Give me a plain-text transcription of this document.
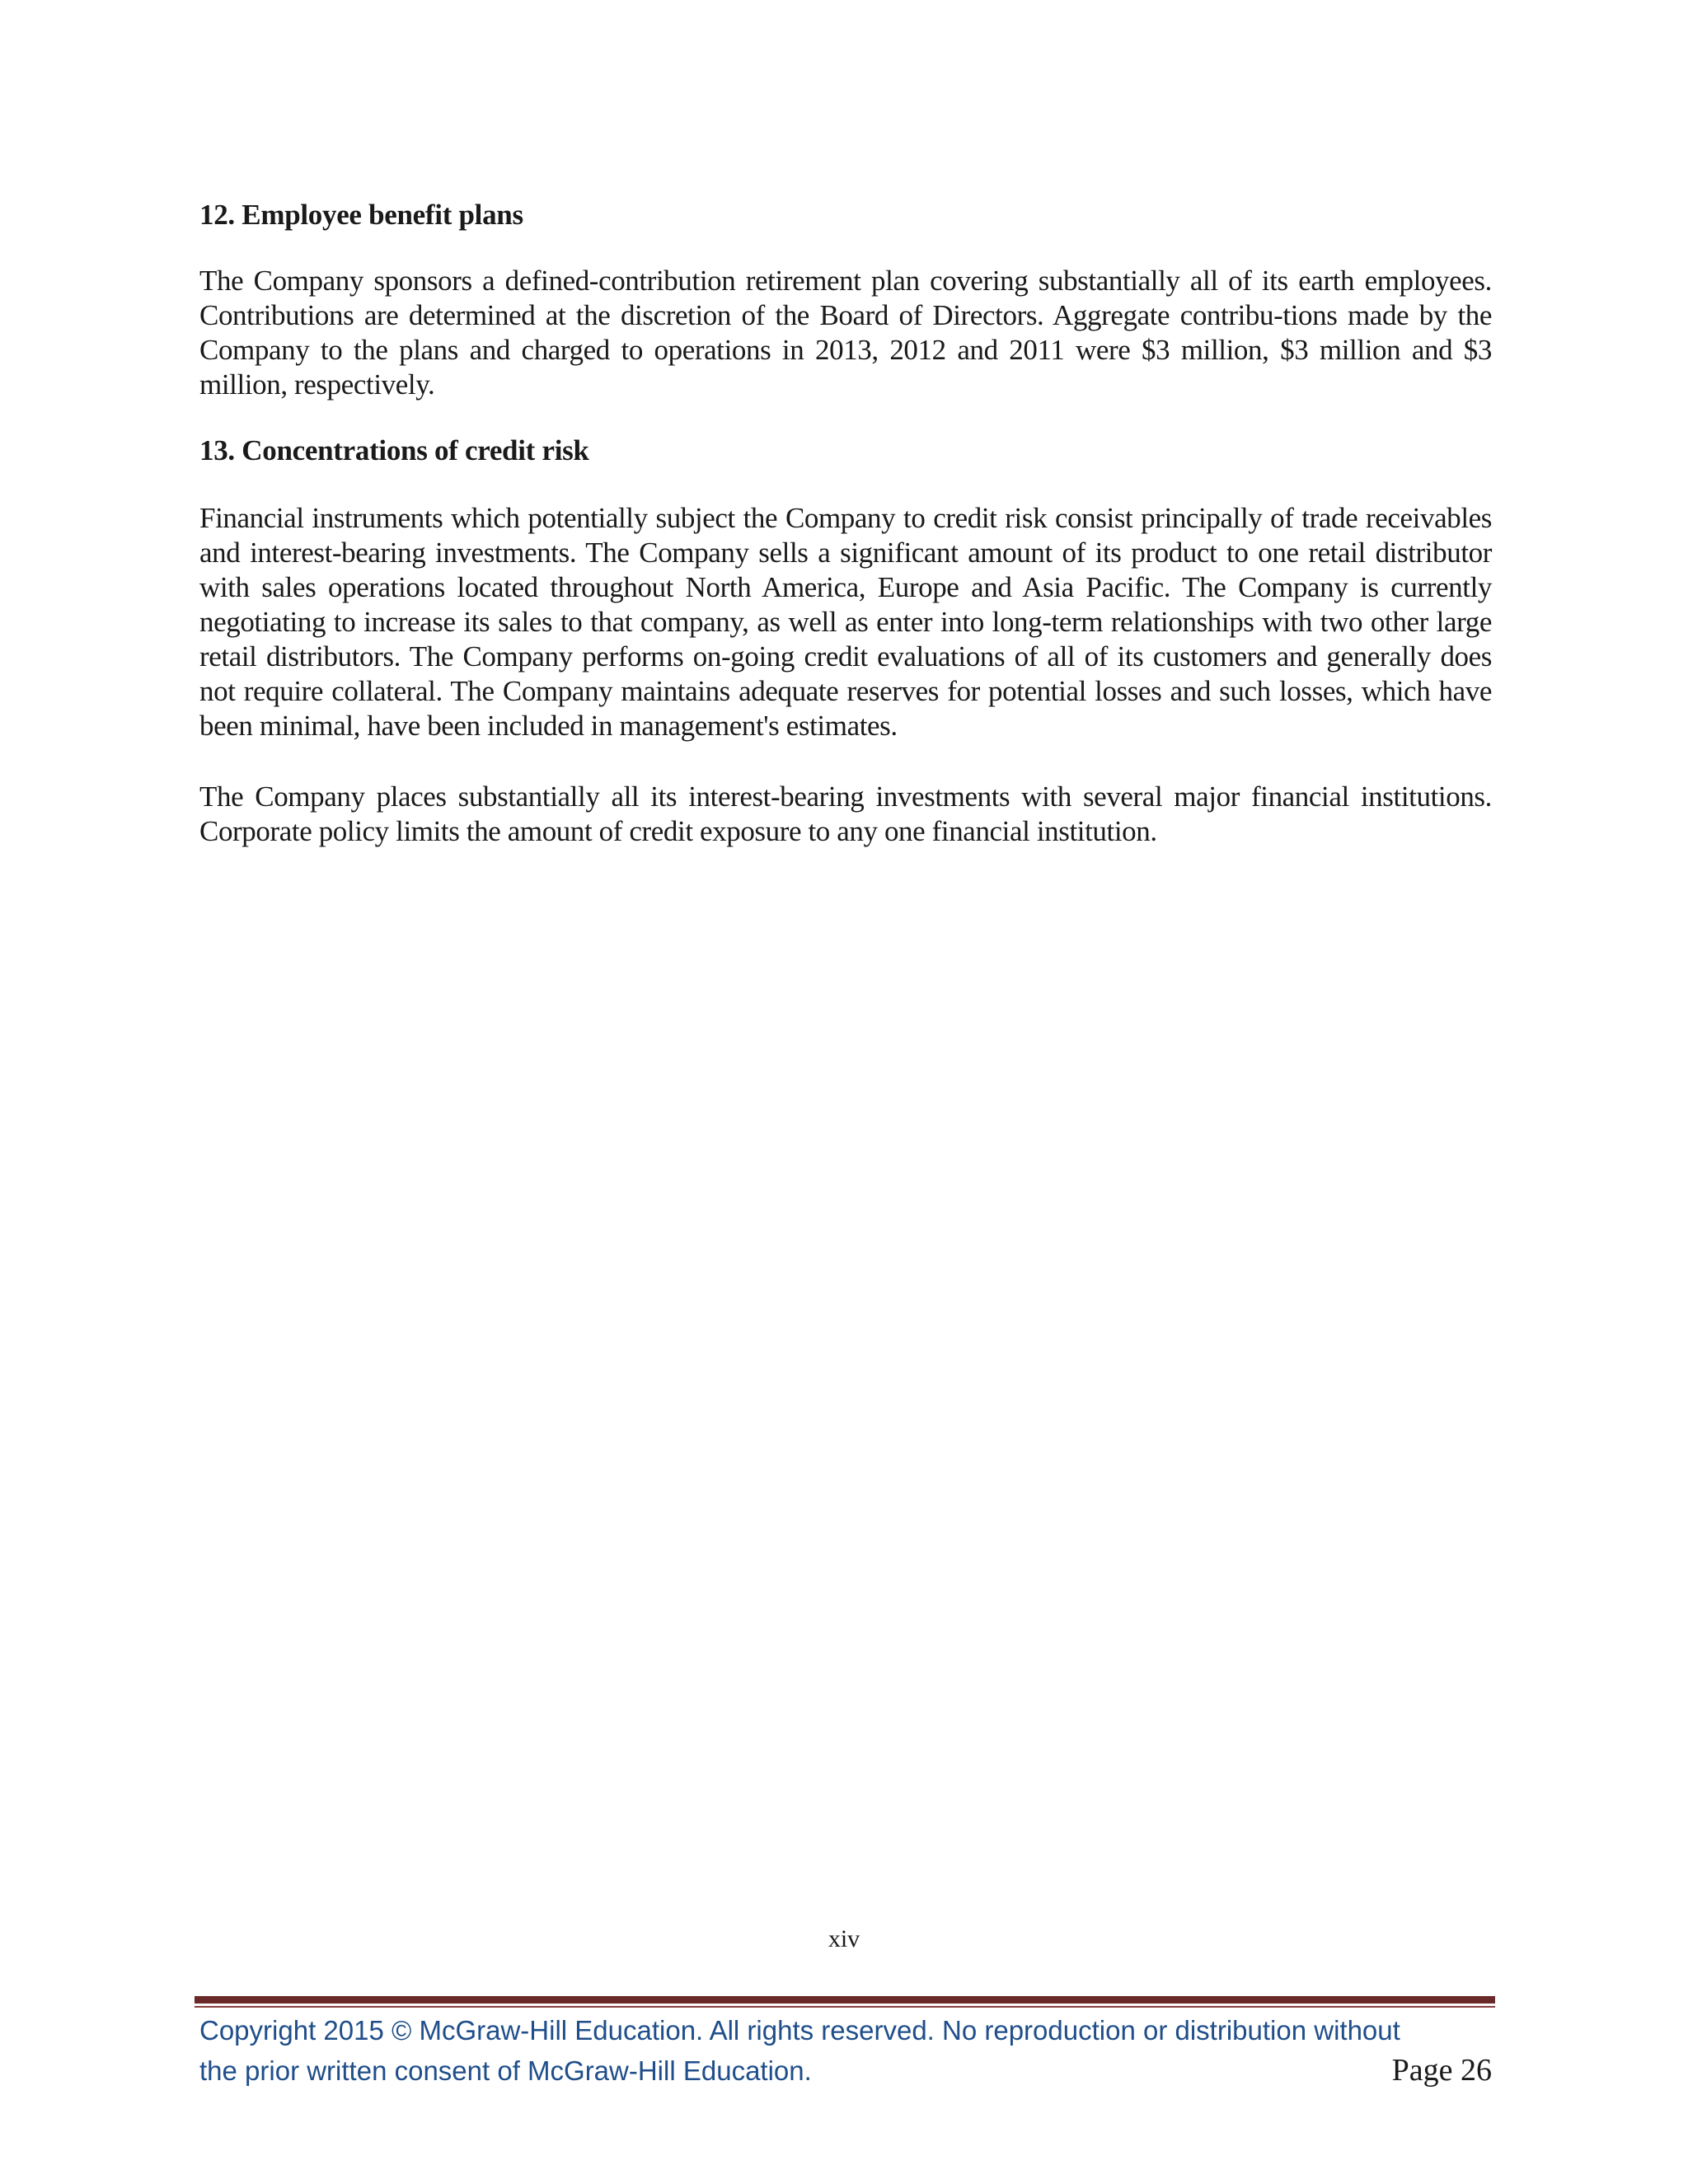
12. Employee benefit plans

The Company sponsors a defined-contribution retirement plan covering substantially all of its earth employees. Contributions are determined at the discretion of the Board of Directors. Aggregate contribu-tions made by the Company to the plans and charged to operations in 2013, 2012 and 2011 were $3 million, $3 million and $3 million, respectively.

13. Concentrations of credit risk

Financial instruments which potentially subject the Company to credit risk consist principally of trade receivables and interest-bearing investments. The Company sells a significant amount of its product to one retail distributor with sales operations located throughout North America, Europe and Asia Pacific. The Company is currently negotiating to increase its sales to that company, as well as enter into long-term relationships with two other large retail distributors. The Company performs on-going credit evaluations of all of its customers and generally does not require collateral. The Company maintains adequate reserves for potential losses and such losses, which have been minimal, have been included in management's estimates.

The Company places substantially all its interest-bearing investments with several major financial institutions. Corporate policy limits the amount of credit exposure to any one financial institution.

xiv
Copyright 2015 © McGraw-Hill Education. All rights reserved. No reproduction or distribution without
the prior written consent of McGraw-Hill Education.	Page 26
